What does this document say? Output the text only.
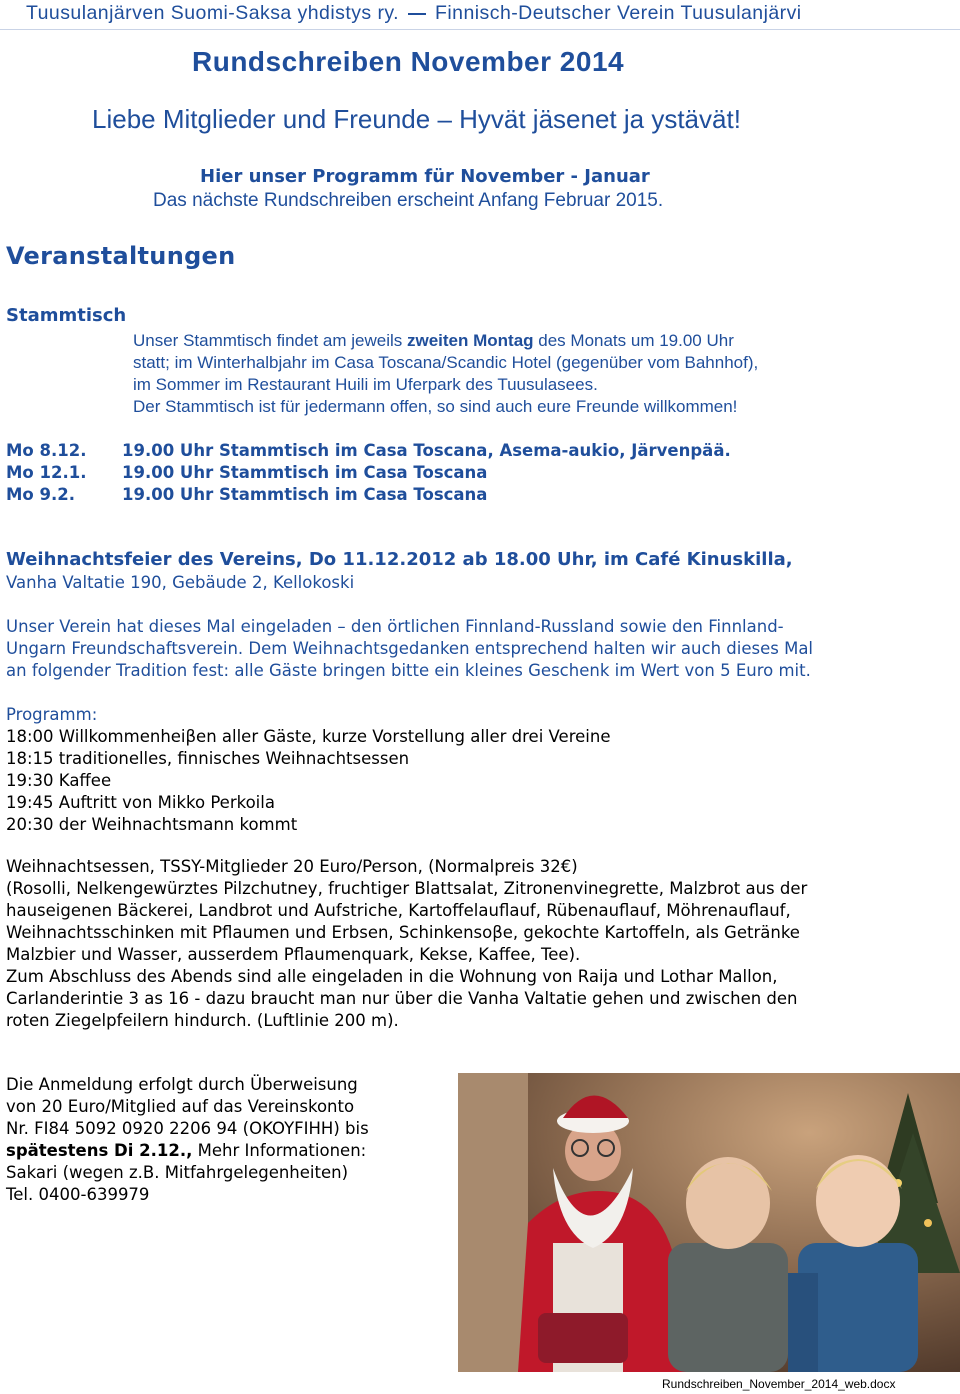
Tuusulanjärven Suomi-Saksa yhdistys ry. Finnisch-Deutscher Verein Tuusulanjärvi
Rundschreiben November 2014
Liebe Mitglieder und Freunde – Hyvät jäsenet ja ystävät!
Hier unser Programm für November - Januar
Das nächste Rundschreiben erscheint Anfang Februar 2015.
Veranstaltungen
Stammtisch
Unser Stammtisch findet am jeweils zweiten Montag des Monats um 19.00 Uhr
statt; im Winterhalbjahr im Casa Toscana/Scandic Hotel (gegenüber vom Bahnhof),
im Sommer im Restaurant Huili im Uferpark des Tuusulasees.
Der Stammtisch ist für jedermann offen, so sind auch eure Freunde willkommen!
Mo 8.12.
Mo 12.1.
Mo 9.2.
19.00 Uhr Stammtisch im Casa Toscana, Asema-aukio, Järvenpää.
19.00 Uhr Stammtisch im Casa Toscana
19.00 Uhr Stammtisch im Casa Toscana
Weihnachtsfeier des Vereins, Do 11.12.2012 ab 18.00 Uhr, im Café Kinuskilla,
Vanha Valtatie 190, Gebäude 2, Kellokoski
Unser Verein hat dieses Mal eingeladen – den örtlichen Finnland-Russland sowie den Finnland-
Ungarn Freundschaftsverein. Dem Weihnachtsgedanken entsprechend halten wir auch dieses Mal
an folgender Tradition fest: alle Gäste bringen bitte ein kleines Geschenk im Wert von 5 Euro mit.
Programm:
18:00 Willkommenheiβen aller Gäste, kurze Vorstellung aller drei Vereine
18:15 traditionelles, finnisches Weihnachtsessen
19:30 Kaffee
19:45 Auftritt von Mikko Perkoila
20:30 der Weihnachtsmann kommt
Weihnachtsessen, TSSY-Mitglieder 20 Euro/Person, (Normalpreis 32€)
(Rosolli, Nelkengewürztes Pilzchutney, fruchtiger Blattsalat, Zitronenvinegrette, Malzbrot aus der
hauseigenen Bäckerei, Landbrot und Aufstriche, Kartoffelauflauf, Rübenauflauf, Möhrenauflauf,
Weihnachtsschinken mit Pflaumen und Erbsen, Schinkensoβe, gekochte Kartoffeln, als Getränke
Malzbier und Wasser, ausserdem Pflaumenquark, Kekse, Kaffee, Tee).
Zum Abschluss des Abends sind alle eingeladen in die Wohnung von Raija und Lothar Mallon,
Carlanderintie 3 as 16 - dazu braucht man nur über die Vanha Valtatie gehen und zwischen den
roten Ziegelpfeilern hindurch. (Luftlinie 200 m).
Die Anmeldung erfolgt durch Überweisung
von 20 Euro/Mitglied auf das Vereinskonto
Nr. FI84 5092 0920 2206 94 (OKOYFIHH) bis
spätestens Di 2.12., Mehr Informationen:
Sakari (wegen z.B. Mitfahrgelegenheiten)
Tel. 0400-639979
Rundschreiben_November_2014_web.docx
